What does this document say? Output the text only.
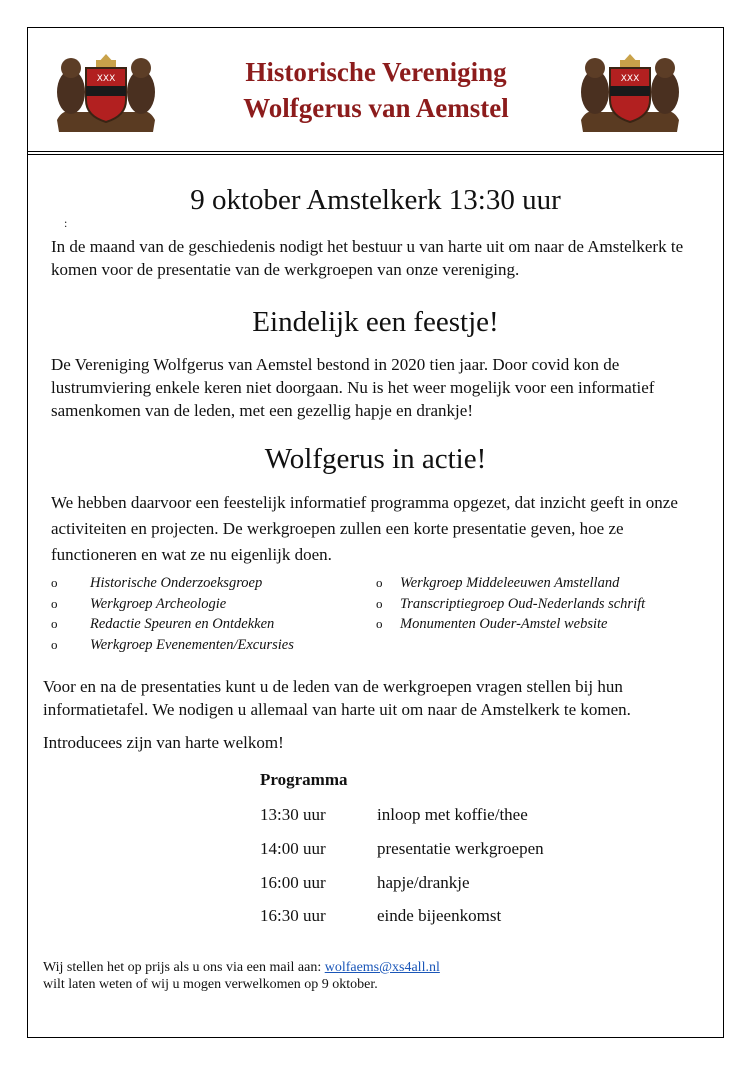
XXX	XXX
Historische Vereniging
Wolfgerus van Aemstel
9 oktober Amstelkerk 13:30 uur
:
In de maand van de geschiedenis nodigt het bestuur u van harte uit om naar de Amstelkerk te komen voor de presentatie van de werkgroepen van onze vereniging.
Eindelijk een feestje!
De Vereniging Wolfgerus van Aemstel bestond in 2020 tien jaar. Door covid kon de lustrumviering enkele keren niet doorgaan. Nu is het weer mogelijk voor een informatief samenkomen van de leden, met een gezellig hapje en drankje!
Wolfgerus in actie!
We hebben daarvoor een feestelijk informatief programma opgezet, dat inzicht geeft in onze activiteiten en projecten. De werkgroepen zullen een korte presentatie geven, hoe ze functioneren en wat ze nu eigenlijk doen.
o Historische Onderzoeksgroep
o Werkgroep Archeologie
o Redactie Speuren en Ontdekken
o Werkgroep Evenementen/Excursies
o Werkgroep Middeleeuwen Amstelland
o Transcriptiegroep Oud-Nederlands schrift
o Monumenten Ouder-Amstel website
Voor en na de presentaties kunt u de leden van de werkgroepen vragen stellen bij hun informatietafel. We nodigen u allemaal van harte uit om naar de Amstelkerk te komen.
Introducees zijn van harte welkom!
Programma
13:30 uur	inloop met koffie/thee
14:00 uur	presentatie werkgroepen
16:00 uur	hapje/drankje
16:30 uur	einde bijeenkomst
Wij stellen het op prijs als u ons via een mail aan: wolfaems@xs4all.nl
wilt laten weten of wij u mogen verwelkomen op 9 oktober.
